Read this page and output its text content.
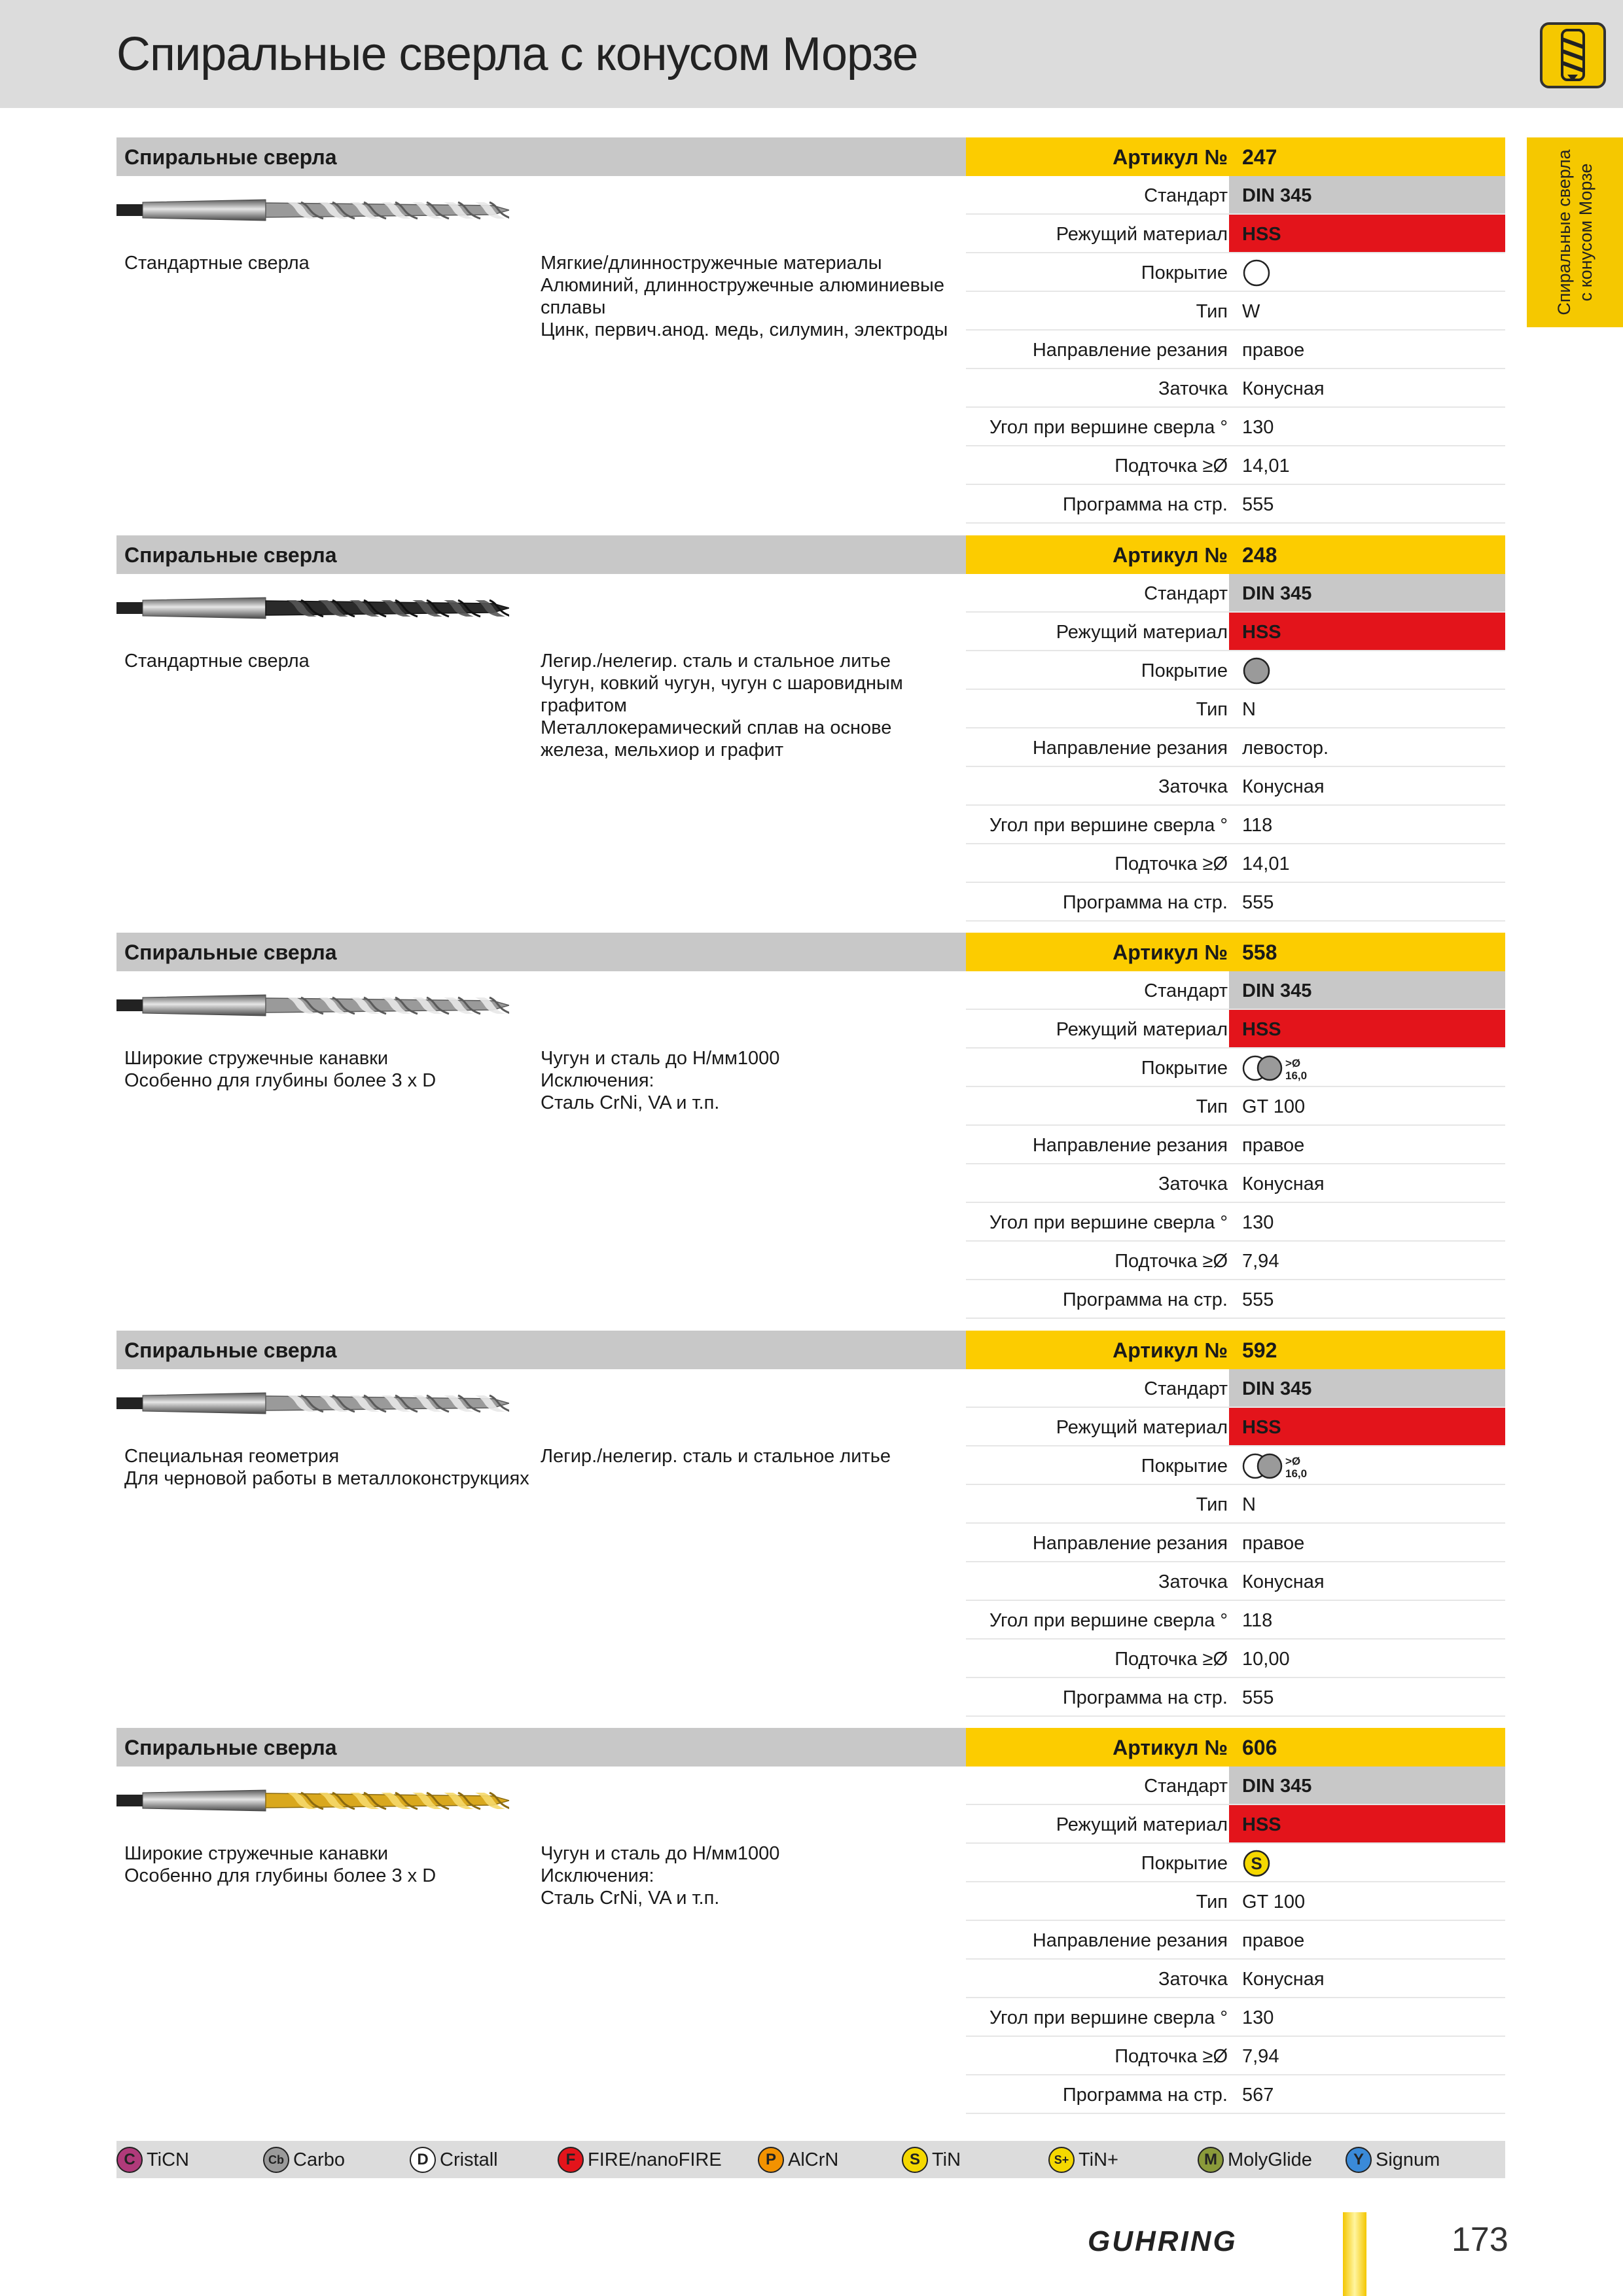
Спиральные сверла с конусом Морзе
Спиральные сверла с конусом Морзе
Спиральные сверла	Артикул № 247
Стандартные сверла	Мягкие/длинностружечные материалы
Алюминий, длинностружечные алюминиевые
сплавы
Цинк, первич.анод. медь, силумин, электроды
Стандарт DIN 345
Режущий материал HSS
Покрытие
Тип W
Направление резания правое
Заточка Конусная
Угол при вершине сверла ° 130
Подточка ≥Ø 14,01
Программа на стр. 555
Спиральные сверла	Артикул № 248
Стандартные сверла	Легир./нелегир. сталь и стальное литье
Чугун, ковкий чугун, чугун с шаровидным
графитом
Металлокерамический сплав на основе
железа, мельхиор и графит
Стандарт DIN 345
Режущий материал HSS
Покрытие
Тип N
Направление резания левостор.
Заточка Конусная
Угол при вершине сверла ° 118
Подточка ≥Ø 14,01
Программа на стр. 555
Спиральные сверла	Артикул № 558
Широкие стружечные канавки
Особенно для глубины более 3 x D
Чугун и сталь до Н/мм1000
Исключения:
Сталь CrNi, VA и т.п.
Стандарт DIN 345
Режущий материал HSS
Покрытие	>Ø
16,0
Тип GT 100
Направление резания правое
Заточка Конусная
Угол при вершине сверла ° 130
Подточка ≥Ø 7,94
Программа на стр. 555
Спиральные сверла	Артикул № 592
Специальная геометрия
Для черновой работы в металлоконструкциях
Легир./нелегир. сталь и стальное литье
Стандарт DIN 345
Режущий материал HSS
Покрытие	>Ø
16,0
Тип N
Направление резания правое
Заточка Конусная
Угол при вершине сверла ° 118
Подточка ≥Ø 10,00
Программа на стр. 555
Спиральные сверла	Артикул № 606
Широкие стружечные канавки
Особенно для глубины более 3 x D
Чугун и сталь до Н/мм1000
Исключения:
Сталь CrNi, VA и т.п.
Стандарт DIN 345
Режущий материал HSS
Покрытие S
Тип GT 100
Направление резания правое
Заточка Конусная
Угол при вершине сверла ° 130
Подточка ≥Ø 7,94
Программа на стр. 567
C TiCN	Cb Carbo	D Cristall	F FIRE/nanoFIRE	P AlCrN	S TiN	S+ TiN+	M MolyGlide	Y Signum
GUHRING	173
